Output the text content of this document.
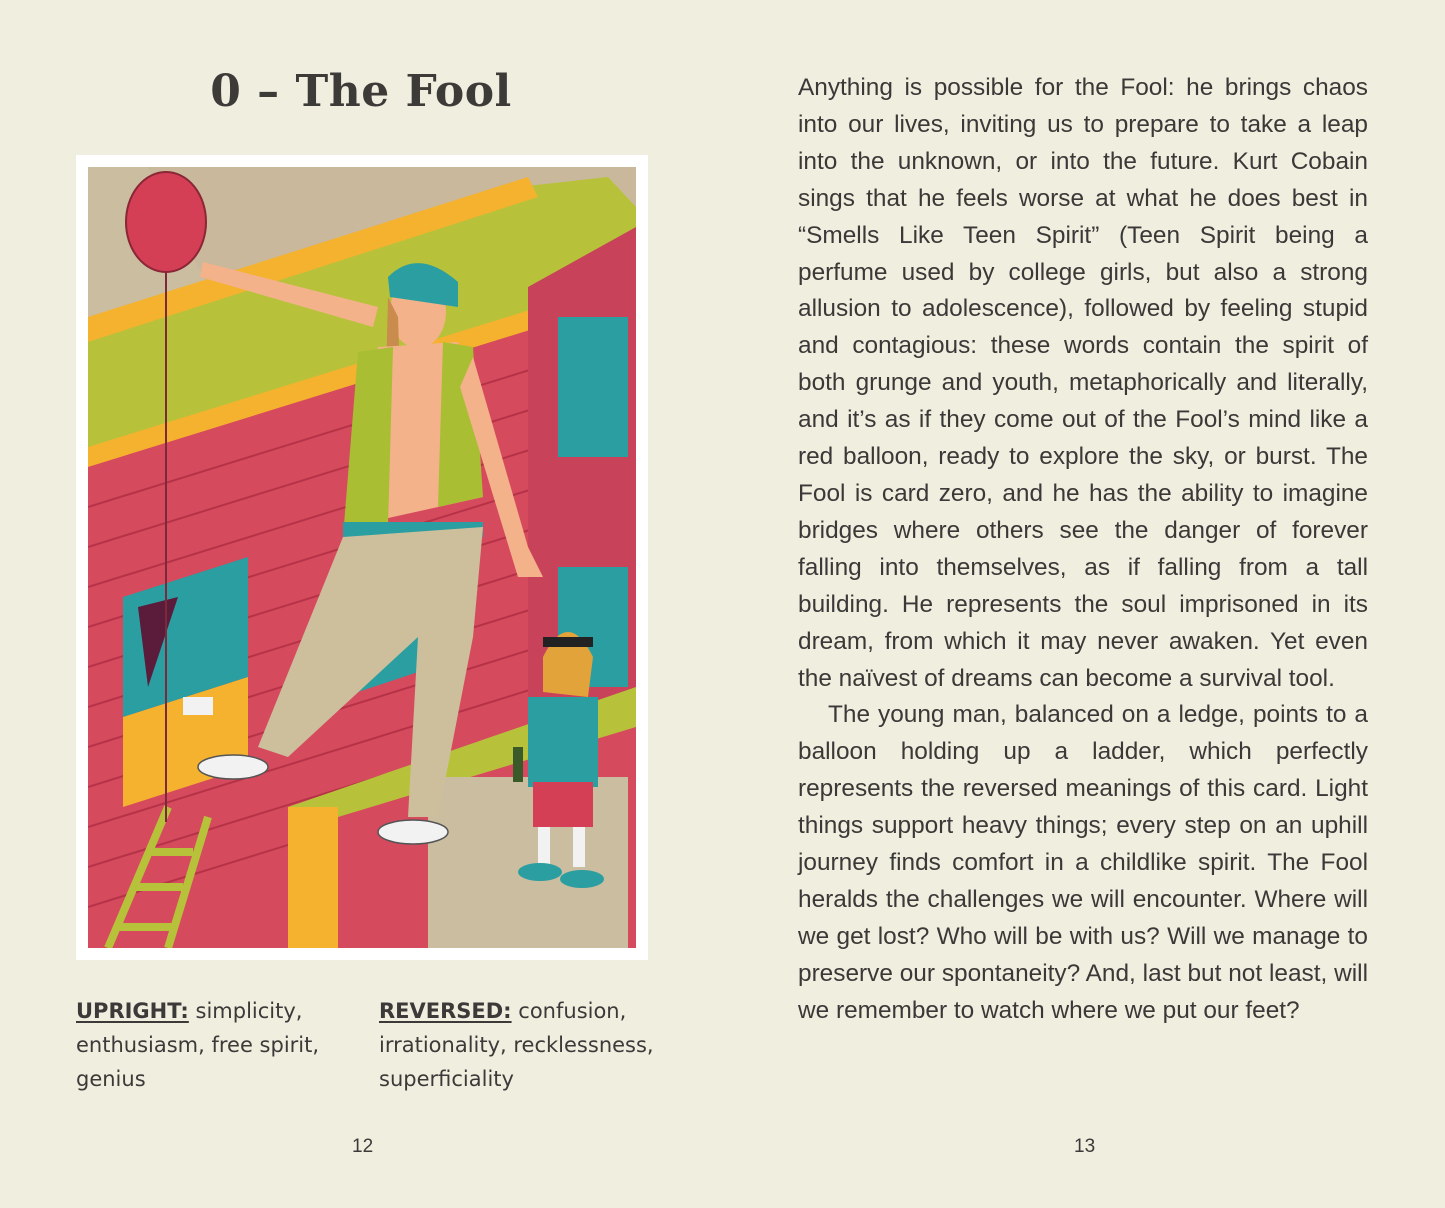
0 – The Fool
UPRIGHT: simplicity, enthusiasm, free spirit, genius
REVERSED: confusion, irrationality, recklessness, superficiality
12

Anything is possible for the Fool: he brings chaos into our lives, inviting us to prepare to take a leap into the unknown, or into the future. Kurt Cobain sings that he feels worse at what he does best in “Smells Like Teen Spirit” (Teen Spirit being a perfume used by college girls, but also a strong allusion to adolescence), followed by feeling stupid and contagious: these words contain the spirit of both grunge and youth, metaphorically and literally, and it’s as if they come out of the Fool’s mind like a red balloon, ready to explore the sky, or burst. The Fool is card zero, and he has the ability to imagine bridges where others see the danger of forever falling into themselves, as if falling from a tall building. He represents the soul imprisoned in its dream, from which it may never awaken. Yet even the naïvest of dreams can become a survival tool.

The young man, balanced on a ledge, points to a balloon holding up a ladder, which perfectly represents the reversed meanings of this card. Light things support heavy things; every step on an uphill journey finds comfort in a childlike spirit. The Fool heralds the challenges we will encounter. Where will we get lost? Who will be with us? Will we manage to preserve our spontaneity? And, last but not least, will we remember to watch where we put our feet?

13
